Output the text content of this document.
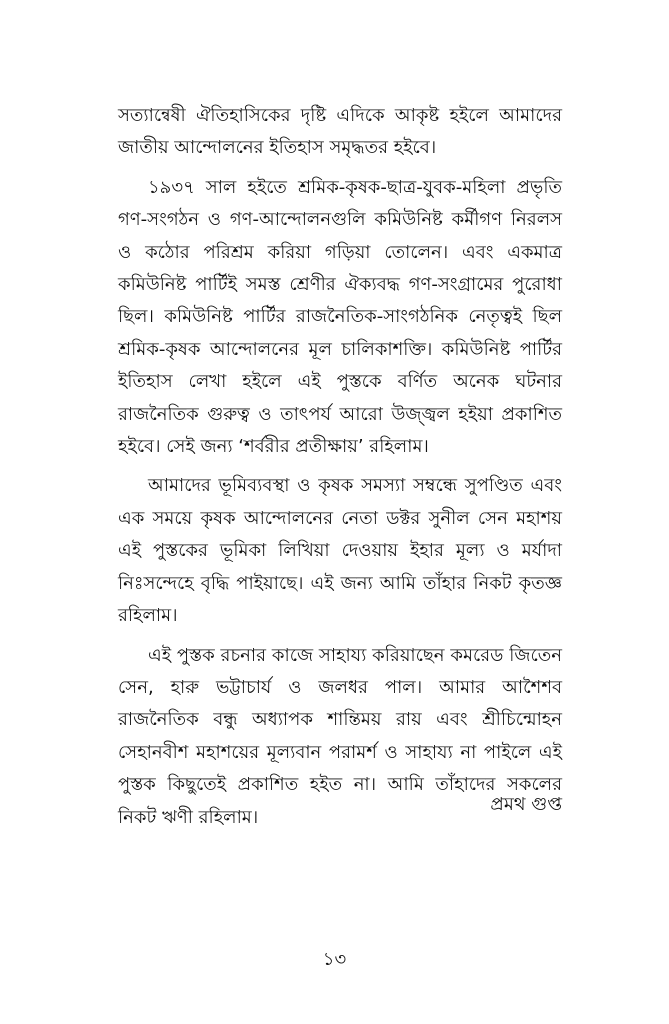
সত্যান্বেষী ঐতিহাসিকের দৃষ্টি এদিকে আকৃষ্ট হইলে আমাদের জাতীয় আন্দোলনের ইতিহাস সমৃদ্ধতর হইবে।

১৯৩৭ সাল হইতে শ্রমিক-কৃষক-ছাত্র-যুবক-মহিলা প্রভৃতি গণ-সংগঠন ও গণ-আন্দোলনগুলি কমিউনিষ্ট কর্মীগণ নিরলস ও কঠোর পরিশ্রম করিয়া গড়িয়া তোলেন। এবং একমাত্র কমিউনিষ্ট পার্টিই সমস্ত শ্রেণীর ঐক্যবদ্ধ গণ-সংগ্রামের পুরোধা ছিল। কমিউনিষ্ট পার্টির রাজনৈতিক-সাংগঠনিক নেতৃত্বই ছিল শ্রমিক-কৃষক আন্দোলনের মূল চালিকাশক্তি। কমিউনিষ্ট পার্টির ইতিহাস লেখা হইলে এই পুস্তকে বর্ণিত অনেক ঘটনার রাজনৈতিক গুরুত্ব ও তাৎপর্য আরো উজ্জ্বল হইয়া প্রকাশিত হইবে। সেই জন্য ‘শর্বরীর প্রতীক্ষায়’ রহিলাম।

আমাদের ভূমিব্যবস্থা ও কৃষক সমস্যা সম্বন্ধে সুপণ্ডিত এবং এক সময়ে কৃষক আন্দোলনের নেতা ডক্টর সুনীল সেন মহাশয় এই পুস্তকের ভূমিকা লিখিয়া দেওয়ায় ইহার মূল্য ও মর্যাদা নিঃসন্দেহে বৃদ্ধি পাইয়াছে। এই জন্য আমি তাঁহার নিকট কৃতজ্ঞ রহিলাম।

এই পুস্তক রচনার কাজে সাহায্য করিয়াছেন কমরেড জিতেন সেন, হারু ভট্টাচার্য ও জলধর পাল। আমার আশৈশব রাজনৈতিক বন্ধু অধ্যাপক শান্তিময় রায় এবং শ্রীচিন্মোহন সেহানবীশ মহাশয়ের মূল্যবান পরামর্শ ও সাহায্য না পাইলে এই পুস্তক কিছুতেই প্রকাশিত হইত না। আমি তাঁহাদের সকলের নিকট ঋণী রহিলাম।

প্রমথ গুপ্ত
১৩
